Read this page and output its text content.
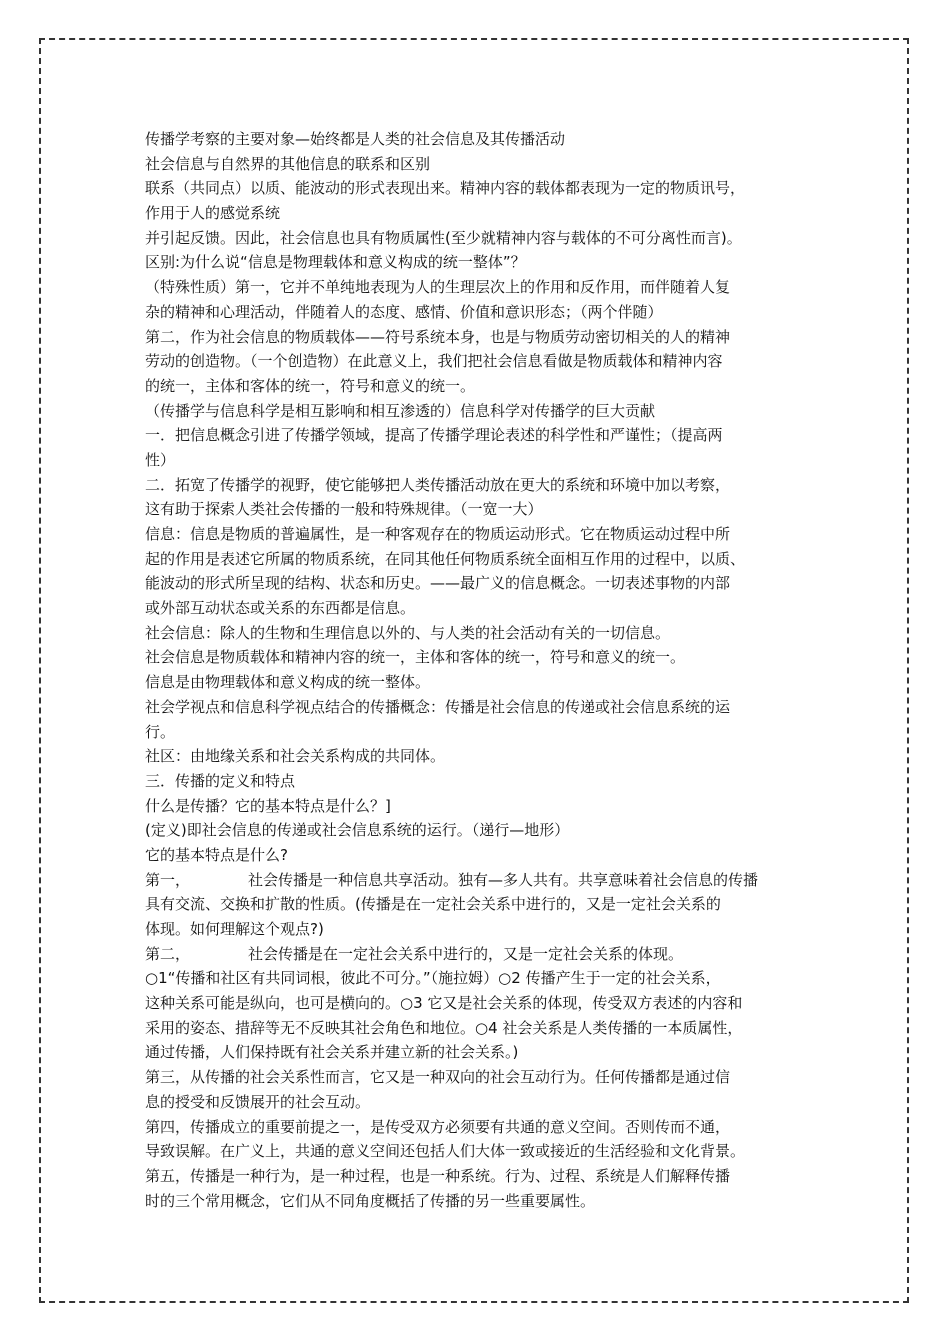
传播学考察的主要对象—始终都是人类的社会信息及其传播活动
社会信息与自然界的其他信息的联系和区别
联系（共同点）以质、能波动的形式表现出来。精神内容的载体都表现为一定的物质讯号，
作用于人的感觉系统
并引起反馈。因此，社会信息也具有物质属性(至少就精神内容与载体的不可分离性而言)。
区别:为什么说“信息是物理载体和意义构成的统一整体”？
（特殊性质）第一，它并不单纯地表现为人的生理层次上的作用和反作用，而伴随着人复
杂的精神和心理活动，伴随着人的态度、感情、价值和意识形态；（两个伴随）
第二，作为社会信息的物质载体——符号系统本身，也是与物质劳动密切相关的人的精神
劳动的创造物。（一个创造物）在此意义上，我们把社会信息看做是物质载体和精神内容
的统一，主体和客体的统一，符号和意义的统一。
（传播学与信息科学是相互影响和相互渗透的）信息科学对传播学的巨大贡献
一．把信息概念引进了传播学领域，提高了传播学理论表述的科学性和严谨性；（提高两
性）
二．拓宽了传播学的视野，使它能够把人类传播活动放在更大的系统和环境中加以考察，
这有助于探索人类社会传播的一般和特殊规律。（一宽一大）
信息：信息是物质的普遍属性，是一种客观存在的物质运动形式。它在物质运动过程中所
起的作用是表述它所属的物质系统，在同其他任何物质系统全面相互作用的过程中，以质、
能波动的形式所呈现的结构、状态和历史。——最广义的信息概念。一切表述事物的内部
或外部互动状态或关系的东西都是信息。
社会信息：除人的生物和生理信息以外的、与人类的社会活动有关的一切信息。
社会信息是物质载体和精神内容的统一，主体和客体的统一，符号和意义的统一。
信息是由物理载体和意义构成的统一整体。
社会学视点和信息科学视点结合的传播概念：传播是社会信息的传递或社会信息系统的运
行。
社区：由地缘关系和社会关系构成的共同体。
三．传播的定义和特点
什么是传播？它的基本特点是什么？]
(定义)即社会信息的传递或社会信息系统的运行。（递行—地形）
它的基本特点是什么?
第一，	社会传播是一种信息共享活动。独有—多人共有。共享意味着社会信息的传播
具有交流、交换和扩散的性质。(传播是在一定社会关系中进行的，又是一定社会关系的
体现。如何理解这个观点?)
第二，	社会传播是在一定社会关系中进行的，又是一定社会关系的体现。
○1“传播和社区有共同词根，彼此不可分。”（施拉姆）○2 传播产生于一定的社会关系，
这种关系可能是纵向，也可是横向的。○3 它又是社会关系的体现，传受双方表述的内容和
采用的姿态、措辞等无不反映其社会角色和地位。○4 社会关系是人类传播的一本质属性，
通过传播，人们保持既有社会关系并建立新的社会关系。)
第三，从传播的社会关系性而言，它又是一种双向的社会互动行为。任何传播都是通过信
息的授受和反馈展开的社会互动。
第四，传播成立的重要前提之一，是传受双方必须要有共通的意义空间。否则传而不通，
导致误解。在广义上，共通的意义空间还包括人们大体一致或接近的生活经验和文化背景。
第五，传播是一种行为，是一种过程，也是一种系统。行为、过程、系统是人们解释传播
时的三个常用概念，它们从不同角度概括了传播的另一些重要属性。
